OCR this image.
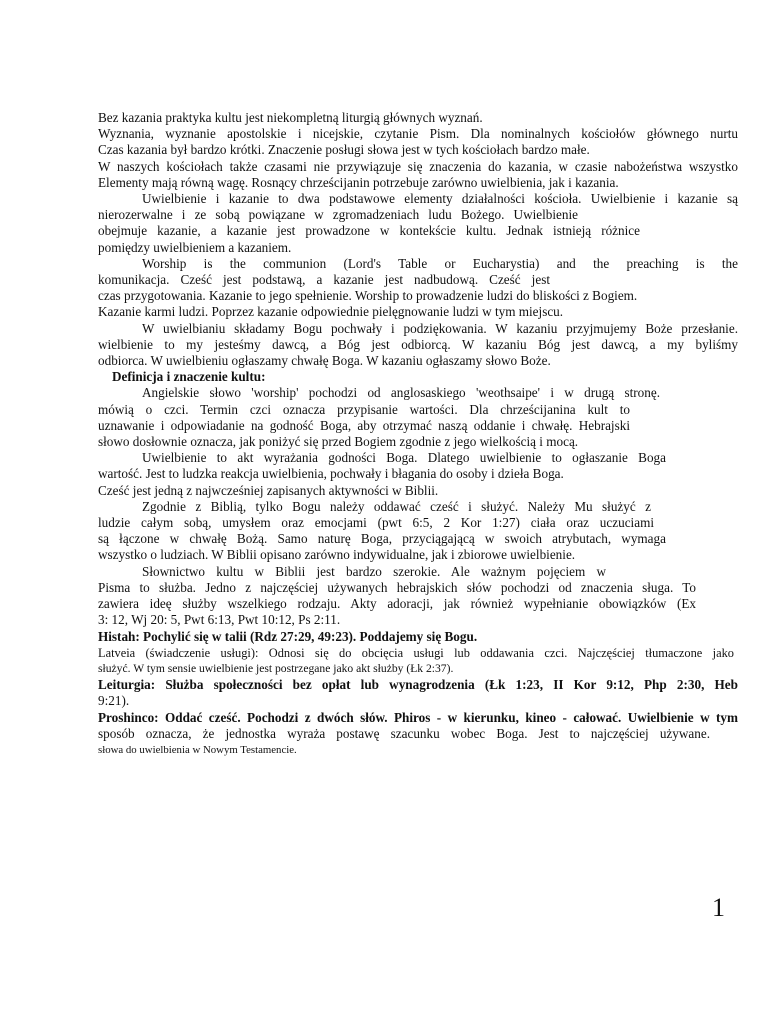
Bez kazania praktyka kultu jest niekompletną liturgią głównych wyznań.
Wyznania, wyznanie apostolskie i nicejskie, czytanie Pism. Dla nominalnych kościołów głównego nurtu
Czas kazania był bardzo krótki. Znaczenie posługi słowa jest w tych kościołach bardzo małe.
W naszych kościołach także czasami nie przywiązuje się znaczenia do kazania, w czasie nabożeństwa wszystko
Elementy mają równą wagę. Rosnący chrześcijanin potrzebuje zarówno uwielbienia, jak i kazania.
Uwielbienie i kazanie to dwa podstawowe elementy działalności kościoła. Uwielbienie i kazanie są
nierozerwalne i ze sobą powiązane w zgromadzeniach ludu Bożego. Uwielbienie
obejmuje kazanie, a kazanie jest prowadzone w kontekście kultu. Jednak istnieją różnice
pomiędzy uwielbieniem a kazaniem.
Worship is the communion (Lord's Table or Eucharystia) and the preaching is the
komunikacja. Cześć jest podstawą, a kazanie jest nadbudową. Cześć jest
czas przygotowania. Kazanie to jego spełnienie. Worship to prowadzenie ludzi do bliskości z Bogiem.
Kazanie karmi ludzi. Poprzez kazanie odpowiednie pielęgnowanie ludzi w tym miejscu.
W uwielbianiu składamy Bogu pochwały i podziękowania. W kazaniu przyjmujemy Boże przesłanie.
wielbienie to my jesteśmy dawcą, a Bóg jest odbiorcą. W kazaniu Bóg jest dawcą, a my byliśmy
odbiorca. W uwielbieniu ogłaszamy chwałę Boga. W kazaniu ogłaszamy słowo Boże.
Definicja i znaczenie kultu:
Angielskie słowo 'worship' pochodzi od anglosaskiego 'weothsaipe' i w drugą stronę.
mówią o czci. Termin czci oznacza przypisanie wartości. Dla chrześcijanina kult to
uznawanie i odpowiadanie na godność Boga, aby otrzymać naszą oddanie i chwałę. Hebrajski
słowo dosłownie oznacza, jak poniżyć się przed Bogiem zgodnie z jego wielkością i mocą.
Uwielbienie to akt wyrażania godności Boga. Dlatego uwielbienie to ogłaszanie Boga
wartość. Jest to ludzka reakcja uwielbienia, pochwały i błagania do osoby i dzieła Boga.
Cześć jest jedną z najwcześniej zapisanych aktywności w Biblii.
Zgodnie z Biblią, tylko Bogu należy oddawać cześć i służyć. Należy Mu służyć z
ludzie całym sobą, umysłem oraz emocjami (pwt 6:5, 2 Kor 1:27) ciała oraz uczuciami
są łączone w chwałę Bożą. Samo naturę Boga, przyciągającą w swoich atrybutach, wymaga
wszystko o ludziach. W Biblii opisano zarówno indywidualne, jak i zbiorowe uwielbienie.
Słownictwo kultu w Biblii jest bardzo szerokie. Ale ważnym pojęciem w
Pisma to służba. Jedno z najczęściej używanych hebrajskich słów pochodzi od znaczenia sługa. To
zawiera ideę służby wszelkiego rodzaju. Akty adoracji, jak również wypełnianie obowiązków (Ex
3: 12, Wj 20: 5, Pwt 6:13, Pwt 10:12, Ps 2:11.
Histah: Pochylić się w talii (Rdz 27:29, 49:23). Poddajemy się Bogu.
Latveia (świadczenie usługi): Odnosi się do obcięcia usługi lub oddawania czci. Najczęściej tłumaczone jako
służyć. W tym sensie uwielbienie jest postrzegane jako akt służby (Łk 2:37).
Leiturgia: Służba społeczności bez opłat lub wynagrodzenia (Łk 1:23, II Kor 9:12, Php 2:30, Heb
9:21).
Proshinco: Oddać cześć. Pochodzi z dwóch słów. Phiros - w kierunku, kineo - całować. Uwielbienie w tym
sposób oznacza, że jednostka wyraża postawę szacunku wobec Boga. Jest to najczęściej używane.
słowa do uwielbienia w Nowym Testamencie.
1
